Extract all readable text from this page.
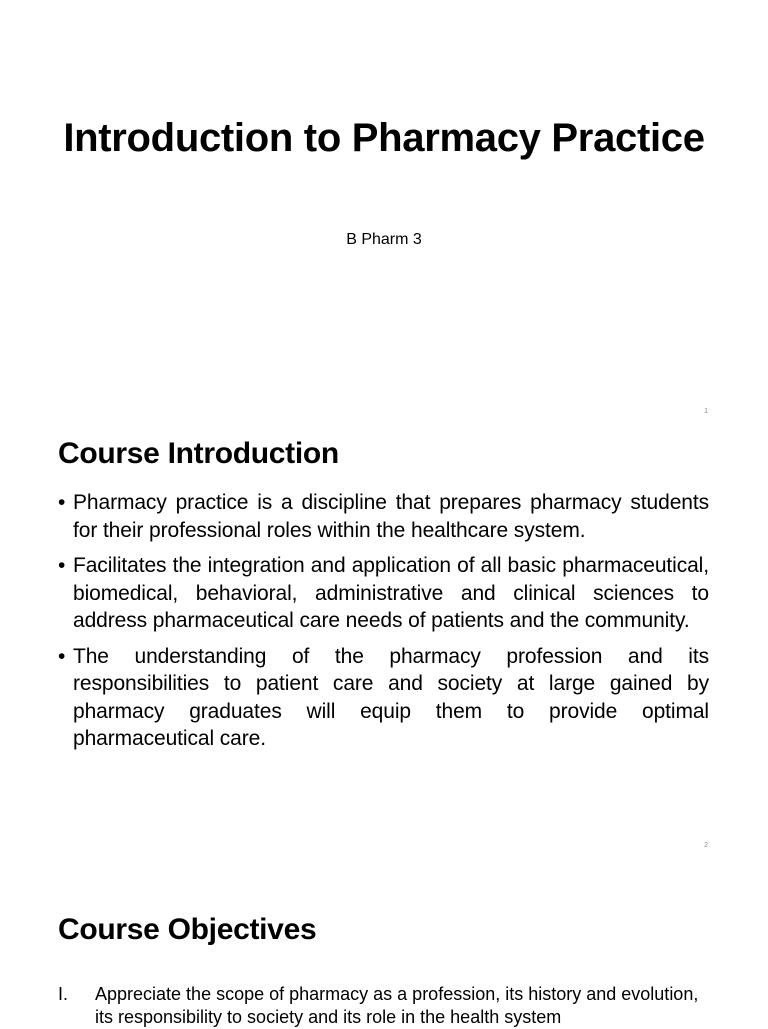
Introduction to Pharmacy Practice
B Pharm 3
1
Course Introduction
• Pharmacy practice is a discipline that prepares pharmacy students for their professional roles within the healthcare system.
• Facilitates the integration and application of all basic pharmaceutical, biomedical, behavioral, administrative and clinical sciences to address pharmaceutical care needs of patients and the community.
• The understanding of the pharmacy profession and its responsibilities to patient care and society at large gained by pharmacy graduates will equip them to provide optimal pharmaceutical care.
2
Course Objectives
I. Appreciate the scope of pharmacy as a profession, its history and evolution, its responsibility to society and its role in the health system
